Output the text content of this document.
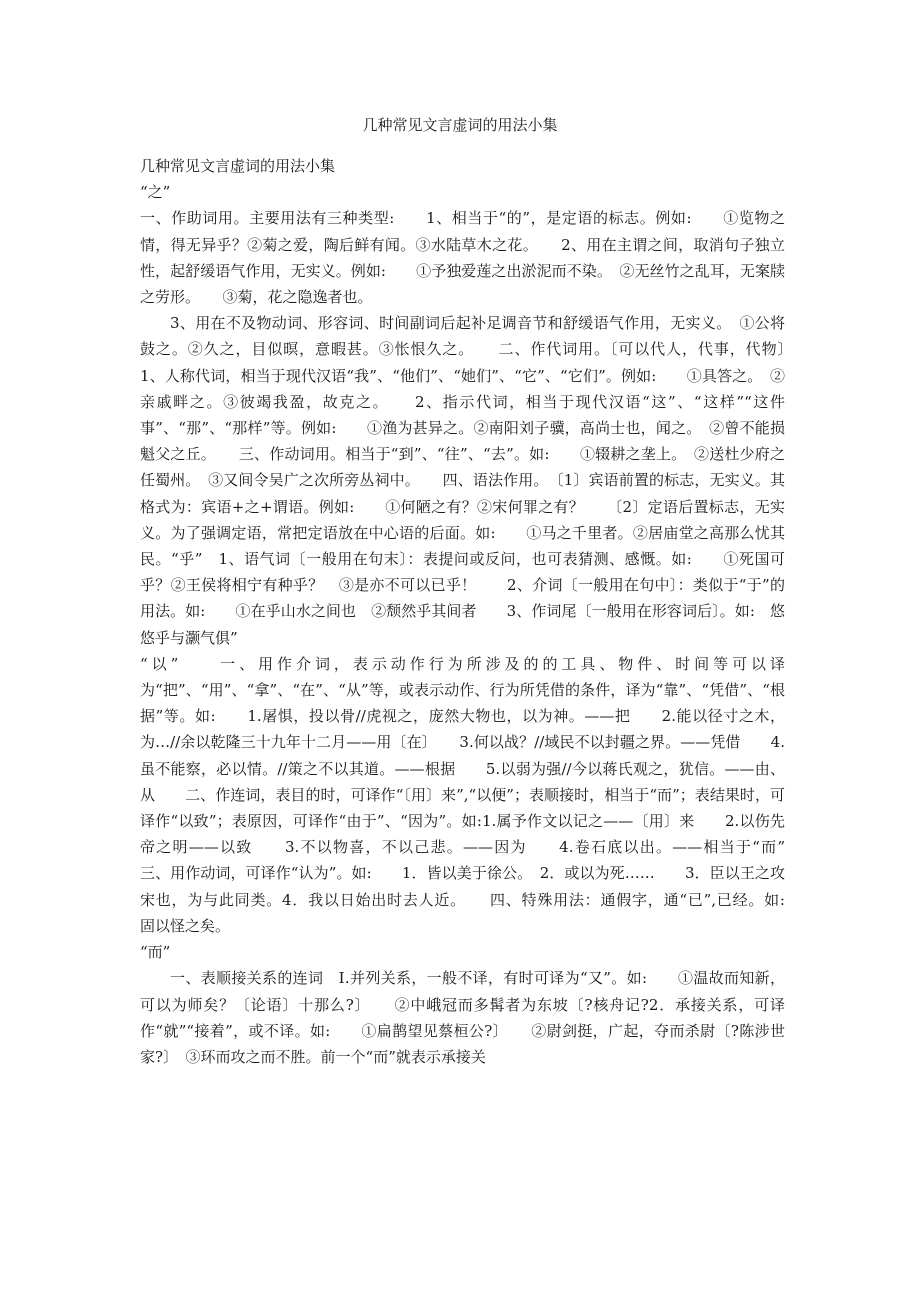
几种常见文言虚词的用法小集

几种常见文言虚词的用法小集

“之”

一、作助词用。主要用法有三种类型:　　1、相当于“的”，是定语的标志。例如:　　①览物之情，得无异乎？②菊之爱，陶后鲜有闻。③水陆草木之花。　　2、用在主谓之间，取消句子独立性，起舒缓语气作用，无实义。例如:　　①予独爱莲之出淤泥而不染。　②无丝竹之乱耳，无案牍之劳形。　　③菊，花之隐逸者也。

3、用在不及物动词、形容词、时间副词后起补足调音节和舒缓语气作用，无实义。　①公将鼓之。②久之，目似暝，意暇甚。③怅恨久之。　　二、作代词用。〔可以代人，代事，代物〕　1、人称代词，相当于现代汉语“我”、“他们”、“她们”、“它”、“它们”。例如:　　①具答之。　②亲戚畔之。③彼竭我盈，故克之。　　2、指示代词，相当于现代汉语“这”、“这样”“这件事”、“那”、“那样”等。例如:　　①渔为甚异之。②南阳刘子骥，高尚士也，闻之。　②曾不能损魁父之丘。　　三、作动词用。相当于“到”、“往”、“去”。如:　　①辍耕之垄上。　②送杜少府之任蜀州。　③又间令吴广之次所旁丛祠中。　　四、语法作用。　〔1〕宾语前置的标志，无实义。其格式为：宾语+之+谓语。例如:　　①何陋之有？②宋何罪之有？　　〔2〕定语后置标志，无实义。为了强调定语，常把定语放在中心语的后面。如:　　①马之千里者。②居庙堂之高那么忧其民。“乎”　1、语气词〔一般用在句末〕：表提问或反问，也可表猜测、感慨。如:　　①死国可乎？②王侯将相宁有种乎？　③是亦不可以已乎！　　2、介词〔一般用在句中〕：类似于“于”的用法。如:　　①在乎山水之间也　②颓然乎其间者　　3、作词尾〔一般用在形容词后〕。如:　悠悠乎与灏气俱”

“以”　　一、用作介词，表示动作行为所涉及的的工具、物件、时间等可以译为“把”、“用”、“拿”、“在”、“从”等，或表示动作、行为所凭借的条件，译为“靠”、“凭借”、“根据”等。如:　　1.屠惧，投以骨//虎视之，庞然大物也，以为神。——把　　2.能以径寸之木，为…//余以乾隆三十九年十二月——用〔在〕　　3.何以战？//域民不以封疆之界。——凭借　　4.虽不能察，必以情。//策之不以其道。——根据　　5.以弱为强//今以蒋氏观之，犹信。——由、从　　二、作连词，表目的时，可译作“〔用〕来”,“以便”；表顺接时，相当于“而”；表结果时，可译作“以致”；表原因，可译作“由于”、“因为”。如:1.属予作文以记之——〔用〕来　　2.以伤先帝之明——以致　　3.不以物喜，不以己悲。——因为　　4.卷石底以出。——相当于“而”　　三、用作动词，可译作“认为”。如:　　1．皆以美于徐公。　2．或以为死……　　3．臣以王之攻宋也，为与此同类。4．我以日始出时去人近。　　四、特殊用法：通假字，通“已”,已经。如:　　　固以怪之矣。

“而”

一、表顺接关系的连词　Ⅰ.并列关系，一般不译，有时可译为“又”。如:　　①温故而知新，可以为师矣？〔论语〕十那么?〕　　②中峨冠而多髯者为东坡〔?核舟记?2．承接关系，可译作“就”“接着”，或不译。如:　　①扁鹊望见蔡桓公?〕　　②尉剑挺，广起，夺而杀尉〔?陈涉世家?〕　③环而攻之而不胜。前一个“而”就表示承接关
